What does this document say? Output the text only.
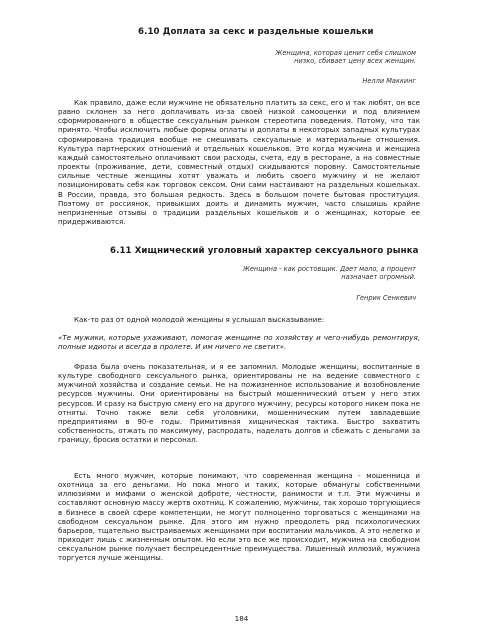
6.10 Доплата за секс и раздельные кошельки
Женщина, которая ценит себя слишком низко, сбивает цену всех женщин.
Нелли Маккинг
Как правило, даже если мужчине не обязательно платить за секс, его и так любят, он все равно склонен за него доплачивать из-за своей низкой самооценки и под влиянием сформированного в обществе сексуальным рынком стереотипа поведения. Потому, что так принято. Чтобы исключить любые формы оплаты и доплаты в некоторых западных культурах сформирована традиция вообще не смешивать сексуальные и материальные отношения. Культура партнерских отношений и отдельных кошельков. Это когда мужчина и женщина каждый самостоятельно оплачивают свои расходы, счета, еду в ресторане, а на совместные проекты (проживание, дети, совместный отдых) скидываются поровну. Самостоятельные сильные честные женщины хотят уважать и любить своего мужчину и не желают позиционировать себя как торговок сексом. Они сами настаивают на раздельных кошельках. В России, правда, это большая редкость. Здесь в большом почете бытовая проституция. Поэтому от россиянок, привыкших доить и динамить мужчин, часто слышишь крайне непризненные отзывы о традиции раздельных кошельков и о женщинах, которые ее придерживаются.
6.11 Хищнический уголовный характер сексуального рынка
Женщина - как ростовщик. Дает мало, а процент назначает огромный.
Генрик Сенкевич
Как-то раз от одной молодой женщины я услышал высказывание:
«Те мужики, которые ухаживают, помогая женщине по хозяйству и чего-нибудь ремонтируя, полные идиоты и всегда в пролете. И им ничего не светит».
Фраза была очень показательная, и я ее запомнил. Молодые женщины, воспитанные в культуре свободного сексуального рынка, ориентированы не на ведение совместного с мужчиной хозяйства и создание семьи. Не на пожизненное использование и возобновление ресурсов мужчины. Они ориентированы на быстрый мошеннический отъем у него этих ресурсов. И сразу на быструю смену его на другого мужчину, ресурсы которого никем пока не отняты. Точно также вели себя уголовники, мошенническим путем завладевшие предприятиями в 90-е годы. Примитивная хищническая тактика. Быстро захватить собственность, отжать по максимуму, распродать, наделать долгов и сбежать с деньгами за границу, бросив остатки и персонал.
Есть много мужчин, которые понимают, что современная женщина - мошенница и охотница за его деньгами. Но пока много и таких, которые обманугы собственными иллюзиями и мифами о женской доброте, честности, ранимости и т.п. Эти мужчины и составляют основную массу жертв охотниц. К сожалению, мужчины, так хорошо торгующиеся в бизнесе в своей сфере компетенции, не могут полноценно торговаться с женщинами на свободном сексуальном рынке. Для этого им нужно преодолеть ряд психологических барьеров, тщательно выстраиваемых женщинами при воспитании мальчиков. А это нелегко и приходит лишь с жизненным опытом. Но если это все же происходит, мужчина на свободном сексуальном рынке получает беспрецедентные преимущества. Лишенный иллюзий, мужчина торгуется лучше женщины.
184
